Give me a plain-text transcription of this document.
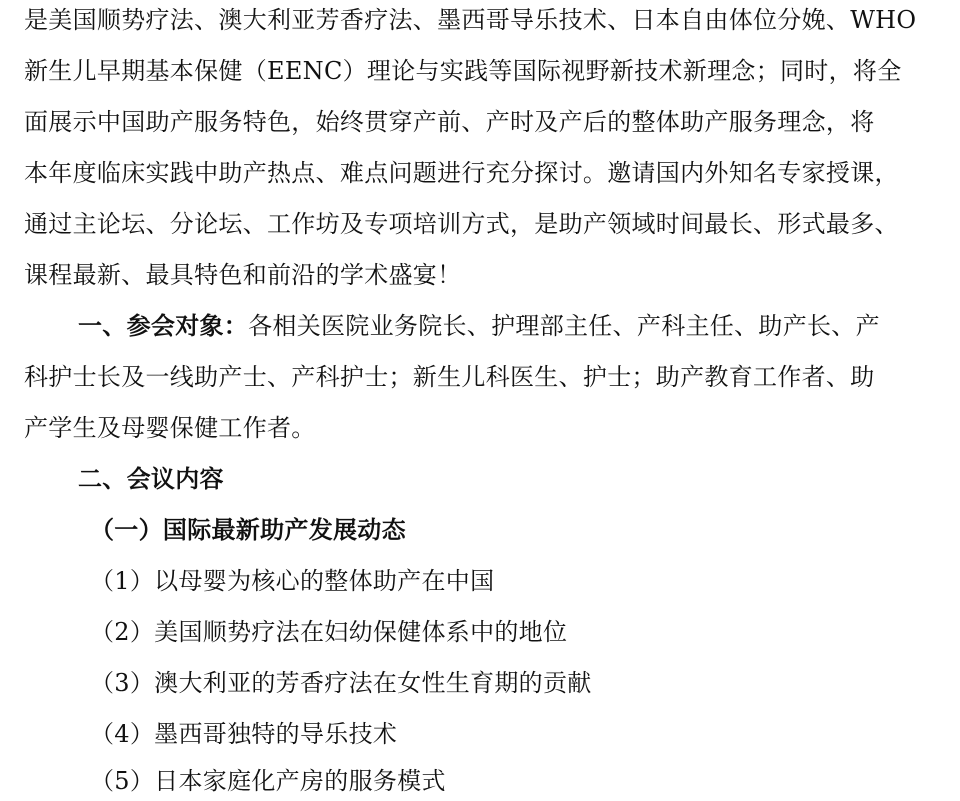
是美国顺势疗法、澳大利亚芳香疗法、墨西哥导乐技术、日本自由体位分娩、WHO
新生儿早期基本保健（EENC）理论与实践等国际视野新技术新理念；同时，将全
面展示中国助产服务特色，始终贯穿产前、产时及产后的整体助产服务理念，将
本年度临床实践中助产热点、难点问题进行充分探讨。邀请国内外知名专家授课，
通过主论坛、分论坛、工作坊及专项培训方式，是助产领域时间最长、形式最多、
课程最新、最具特色和前沿的学术盛宴！
一、参会对象：各相关医院业务院长、护理部主任、产科主任、助产长、产
科护士长及一线助产士、产科护士；新生儿科医生、护士；助产教育工作者、助
产学生及母婴保健工作者。
二、会议内容
（一）国际最新助产发展动态
（1）以母婴为核心的整体助产在中国
（2）美国顺势疗法在妇幼保健体系中的地位
（3）澳大利亚的芳香疗法在女性生育期的贡献
（4）墨西哥独特的导乐技术
（5）日本家庭化产房的服务模式
